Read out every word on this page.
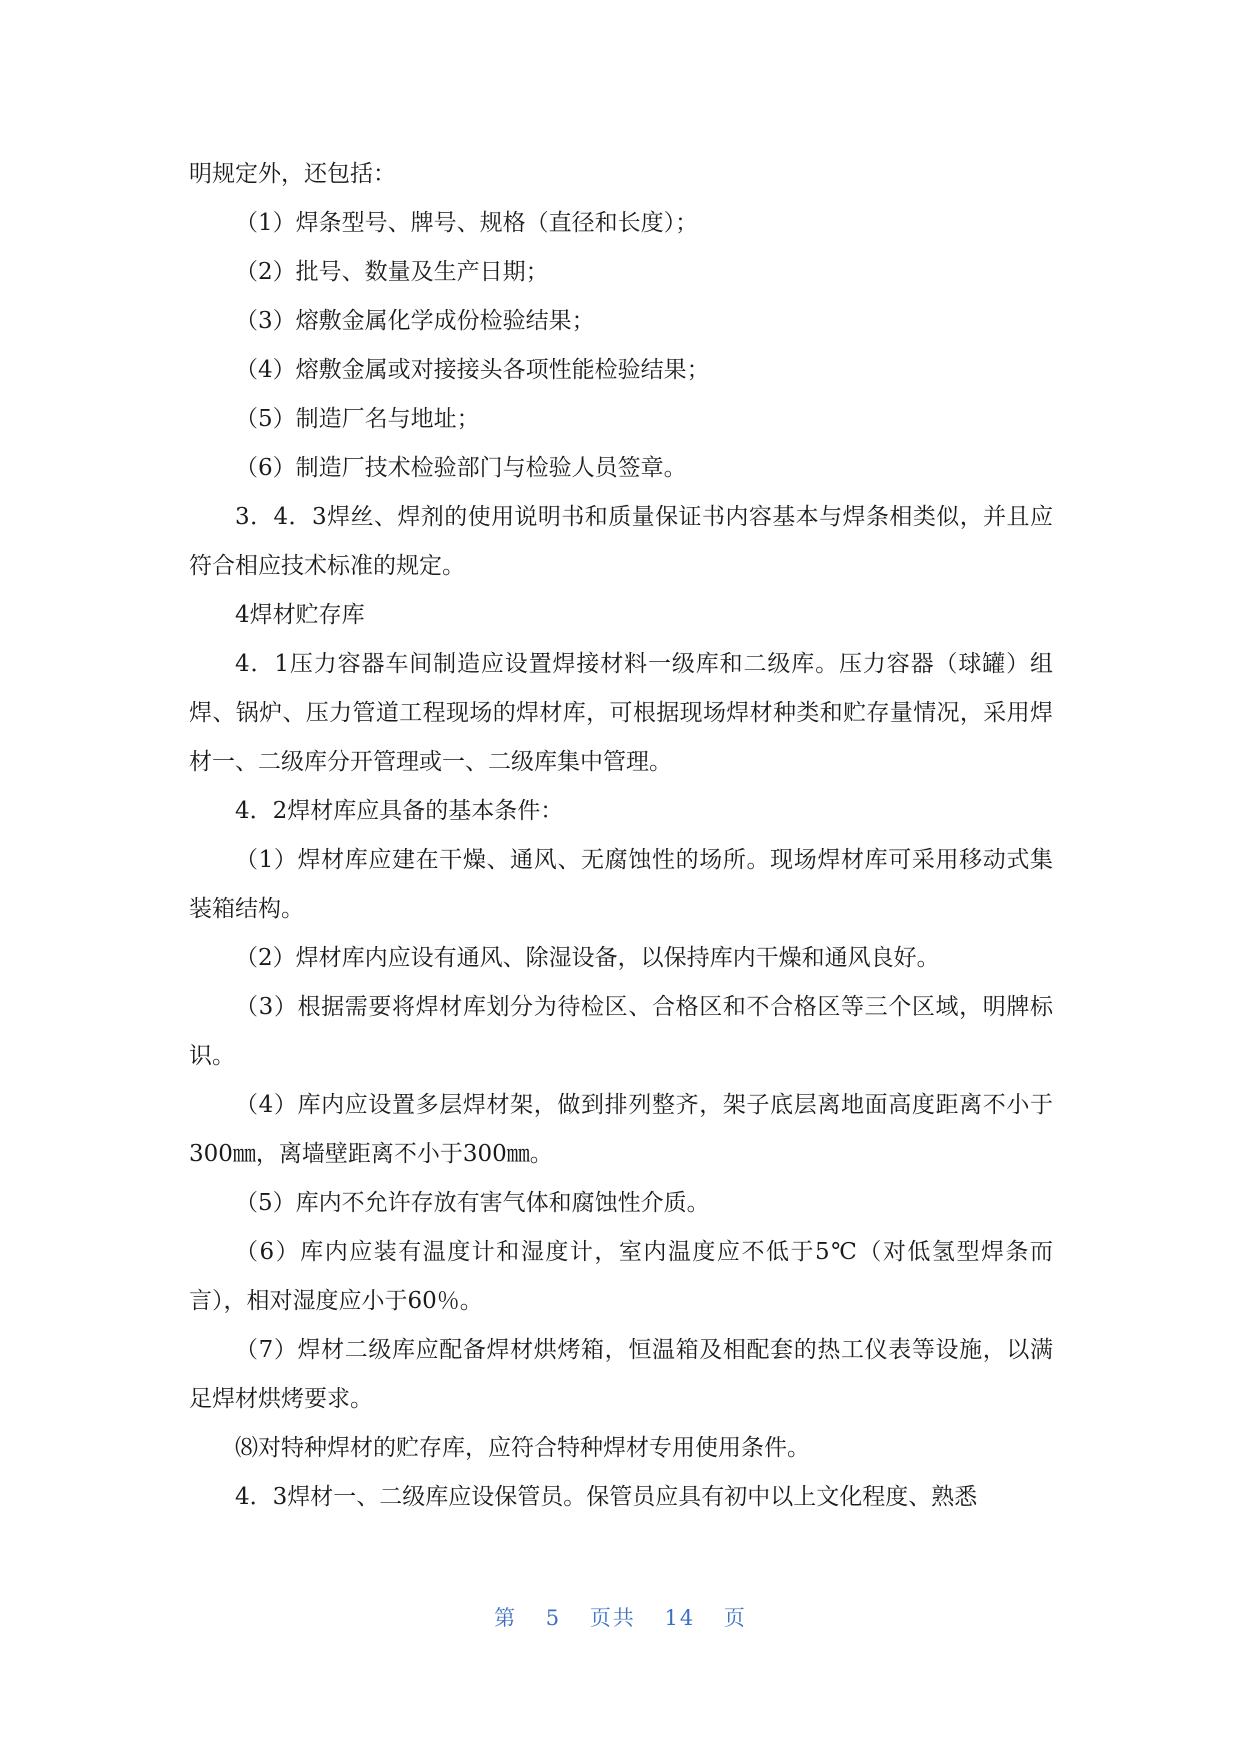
明规定外，还包括：

（1）焊条型号、牌号、规格（直径和长度）；

（2）批号、数量及生产日期；

（3）熔敷金属化学成份检验结果；

（4）熔敷金属或对接接头各项性能检验结果；

（5）制造厂名与地址；

（6）制造厂技术检验部门与检验人员签章。

3．4．3焊丝、焊剂的使用说明书和质量保证书内容基本与焊条相类似，并且应符合相应技术标准的规定。

4焊材贮存库

4．1压力容器车间制造应设置焊接材料一级库和二级库。压力容器（球罐）组焊、锅炉、压力管道工程现场的焊材库，可根据现场焊材种类和贮存量情况，采用焊材一、二级库分开管理或一、二级库集中管理。

4．2焊材库应具备的基本条件：

（1）焊材库应建在干燥、通风、无腐蚀性的场所。现场焊材库可采用移动式集装箱结构。

（2）焊材库内应设有通风、除湿设备，以保持库内干燥和通风良好。

（3）根据需要将焊材库划分为待检区、合格区和不合格区等三个区域，明牌标识。

（4）库内应设置多层焊材架，做到排列整齐，架子底层离地面高度距离不小于300㎜，离墙壁距离不小于300㎜。

（5）库内不允许存放有害气体和腐蚀性介质。

（6）库内应装有温度计和湿度计，室内温度应不低于5℃（对低氢型焊条而言），相对湿度应小于60％。

（7）焊材二级库应配备焊材烘烤箱，恒温箱及相配套的热工仪表等设施，以满足焊材烘烤要求。

⑻对特种焊材的贮存库，应符合特种焊材专用使用条件。

4．3焊材一、二级库应设保管员。保管员应具有初中以上文化程度、熟悉

第 5 页共 14 页
